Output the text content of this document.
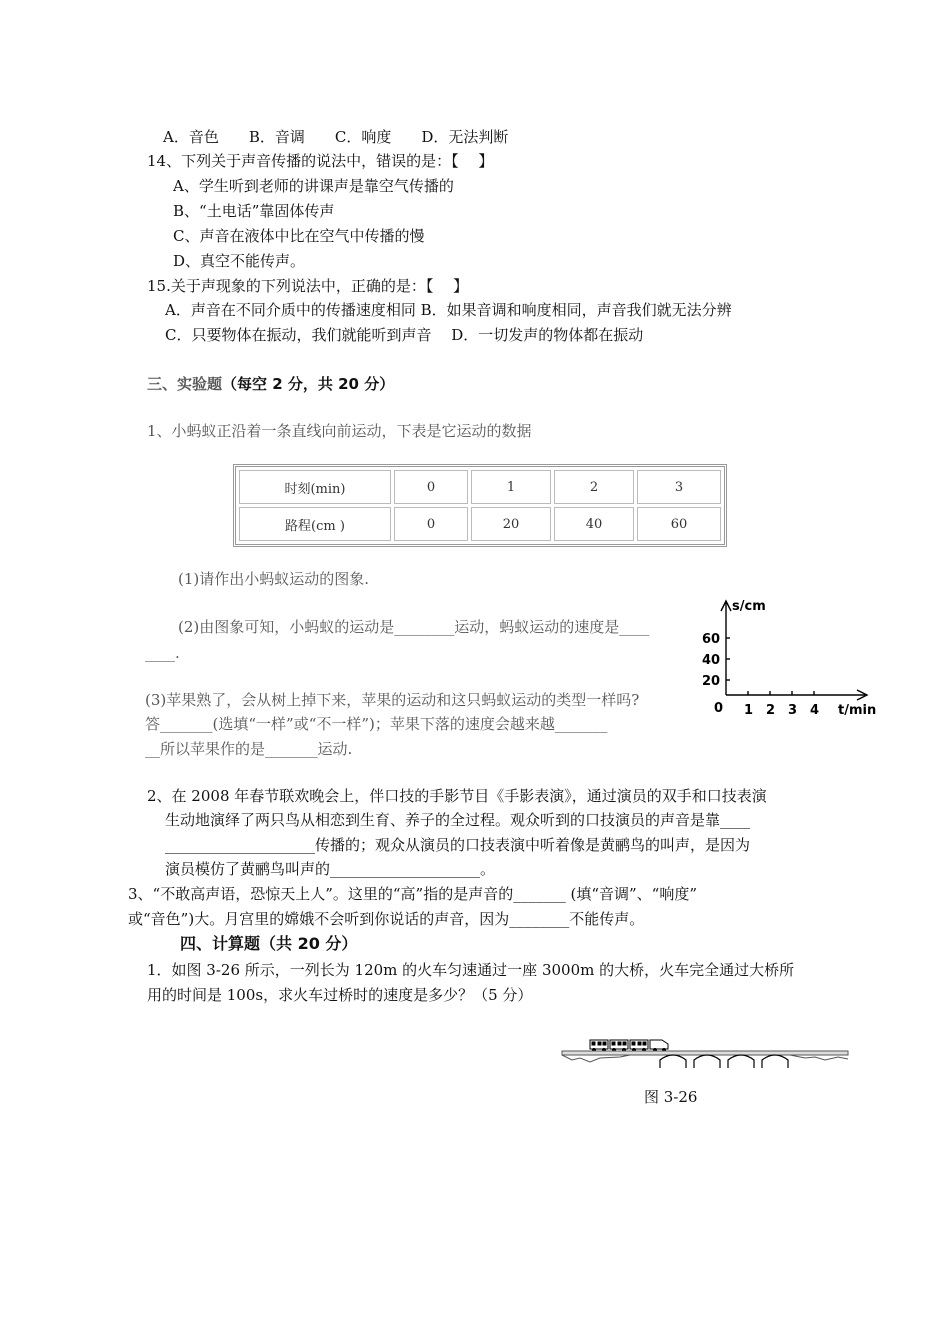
A．音色　　B．音调　　C．响度　　D．无法判断
14、下列关于声音传播的说法中，错误的是：【　 】
A、学生听到老师的讲课声是靠空气传播的
B、“土电话”靠固体传声
C、声音在液体中比在空气中传播的慢
D、真空不能传声。
15.关于声现象的下列说法中，正确的是：【　 】
A．声音在不同介质中的传播速度相同 B．如果音调和响度相同，声音我们就无法分辨
C．只要物体在振动，我们就能听到声音　 D．一切发声的物体都在振动
三、实验题（每空 2 分，共 20 分）
1、小蚂蚁正沿着一条直线向前运动，下表是它运动的数据
时刻(min)	0	1	2	3
路程(cm )	0	20	40	60
(1)请作出小蚂蚁运动的图象.
(2)由图象可知，小蚂蚁的运动是________运动，蚂蚁运动的速度是____
____.
(3)苹果熟了，会从树上掉下来，苹果的运动和这只蚂蚁运动的类型一样吗?
答_______(选填“一样”或“不一样”)；苹果下落的速度会越来越_______
__所以苹果作的是_______运动.
s/cm
60
40
20
0 1 2 3 4 t/min
2、在 2008 年春节联欢晚会上，伴口技的手影节目《手影表演》，通过演员的双手和口技表演
生动地演绎了两只鸟从相恋到生育、养子的全过程。观众听到的口技演员的声音是靠____
____________________传播的；观众从演员的口技表演中听着像是黄鹂鸟的叫声，是因为
演员模仿了黄鹂鸟叫声的____________________。
3、“不敢高声语，恐惊天上人”。这里的“高”指的是声音的_______ (填“音调”、“响度”
或“音色”)大。月宫里的嫦娥不会听到你说话的声音，因为________不能传声。
四、计算题（共 20 分）
1．如图 3-26 所示，一列长为 120m 的火车匀速通过一座 3000m 的大桥，火车完全通过大桥所
用的时间是 100s，求火车过桥时的速度是多少？（5 分）
图 3-26
